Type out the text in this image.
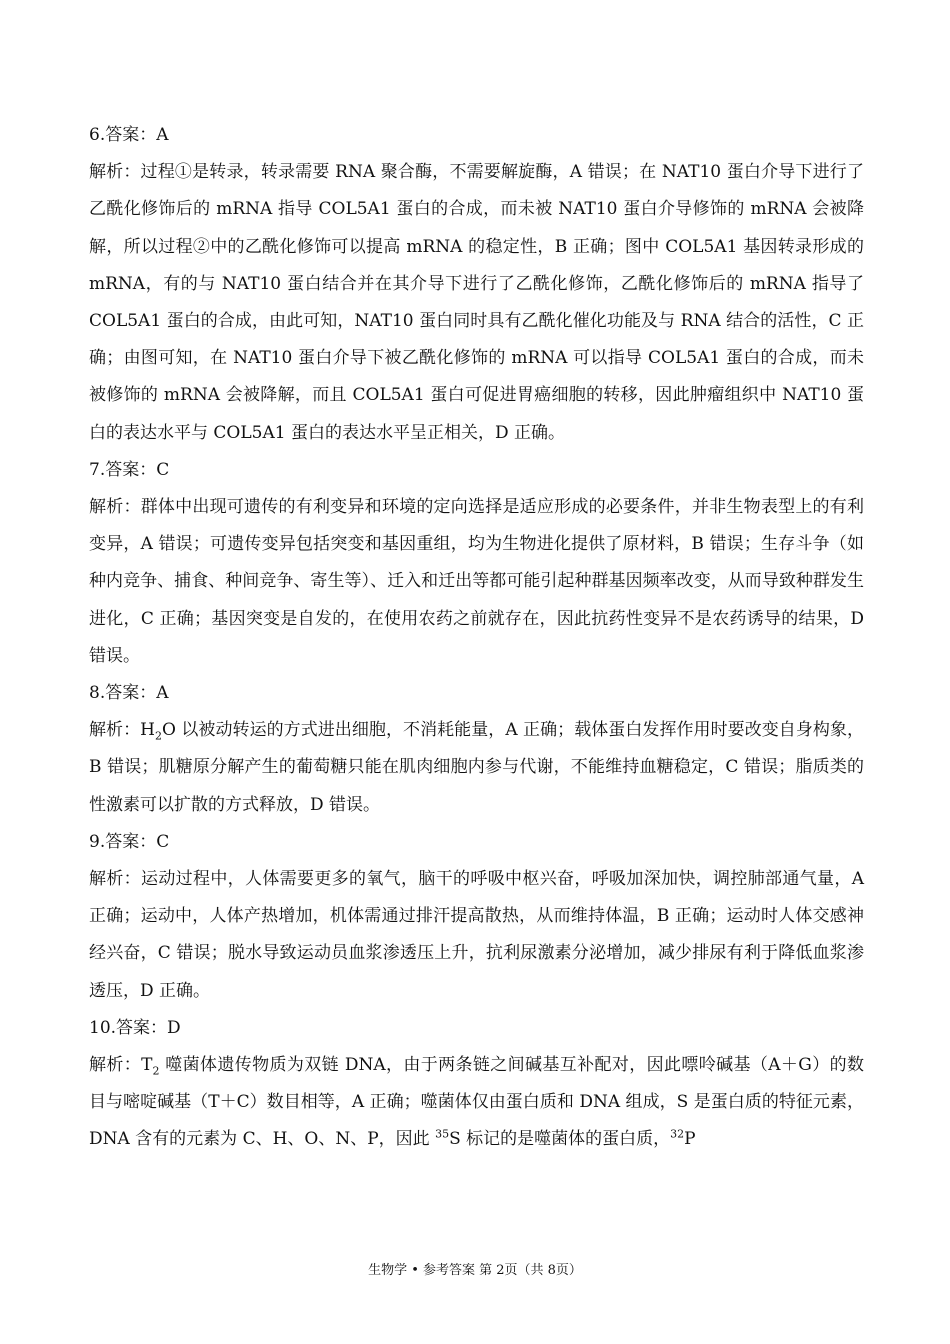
6.答案：A

解析：过程①是转录，转录需要 RNA 聚合酶，不需要解旋酶，A 错误；在 NAT10 蛋白介导下进行了乙酰化修饰后的 mRNA 指导 COL5A1 蛋白的合成，而未被 NAT10 蛋白介导修饰的 mRNA 会被降解，所以过程②中的乙酰化修饰可以提高 mRNA 的稳定性，B 正确；图中 COL5A1 基因转录形成的 mRNA，有的与 NAT10 蛋白结合并在其介导下进行了乙酰化修饰，乙酰化修饰后的 mRNA 指导了 COL5A1 蛋白的合成，由此可知，NAT10 蛋白同时具有乙酰化催化功能及与 RNA 结合的活性，C 正确；由图可知，在 NAT10 蛋白介导下被乙酰化修饰的 mRNA 可以指导 COL5A1 蛋白的合成，而未被修饰的 mRNA 会被降解，而且 COL5A1 蛋白可促进胃癌细胞的转移，因此肿瘤组织中 NAT10 蛋白的表达水平与 COL5A1 蛋白的表达水平呈正相关，D 正确。

7.答案：C

解析：群体中出现可遗传的有利变异和环境的定向选择是适应形成的必要条件，并非生物表型上的有利变异，A 错误；可遗传变异包括突变和基因重组，均为生物进化提供了原材料，B 错误；生存斗争（如种内竞争、捕食、种间竞争、寄生等）、迁入和迁出等都可能引起种群基因频率改变，从而导致种群发生进化，C 正确；基因突变是自发的，在使用农药之前就存在，因此抗药性变异不是农药诱导的结果，D 错误。

8.答案：A

解析：$H_2O$ 以被动转运的方式进出细胞，不消耗能量，A 正确；载体蛋白发挥作用时要改变自身构象，B 错误；肌糖原分解产生的葡萄糖只能在肌肉细胞内参与代谢，不能维持血糖稳定，C 错误；脂质类的性激素可以扩散的方式释放，D 错误。

9.答案：C

解析：运动过程中，人体需要更多的氧气，脑干的呼吸中枢兴奋，呼吸加深加快，调控肺部通气量，A 正确；运动中，人体产热增加，机体需通过排汗提高散热，从而维持体温，B 正确；运动时人体交感神经兴奋，C 错误；脱水导致运动员血浆渗透压上升，抗利尿激素分泌增加，减少排尿有利于降低血浆渗透压，D 正确。

10.答案：D

解析：$T_2$ 噬菌体遗传物质为双链 DNA，由于两条链之间碱基互补配对，因此嘌呤碱基（A＋G）的数目与嘧啶碱基（T＋C）数目相等，A 正确；噬菌体仅由蛋白质和 DNA 组成，S 是蛋白质的特征元素，DNA 含有的元素为 C、H、O、N、P，因此 $^{35}$S 标记的是噬菌体的蛋白质，$^{32}$P

生物学 • 参考答案 第 2页（共 8页）
